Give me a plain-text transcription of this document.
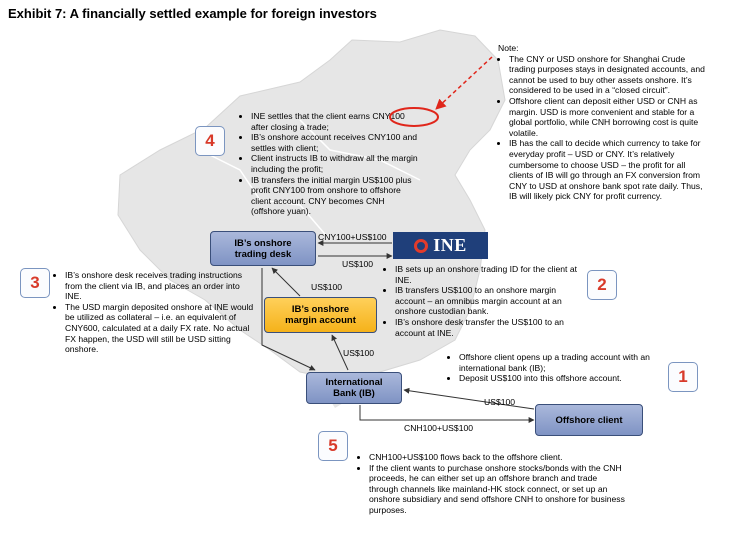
Exhibit 7: A financially settled example for foreign investors
Note:
• The CNY or USD onshore for Shanghai Crude trading purposes stays in designated accounts, and cannot be used to buy other assets onshore. It’s considered to be used in a “closed circuit”.
• Offshore client can deposit either USD or CNH as margin. USD is more convenient and stable for a global portfolio, while CNH borrowing cost is quite volatile.
• IB has the call to decide which currency to take for everyday profit – USD or CNY. It’s relatively cumbersome to choose USD – the profit for all clients of IB will go through an FX conversion from CNY to USD at onshore bank spot rate daily. Thus, IB will likely pick CNY for profit currency.
4
• INE settles that the client earns CNY100 after closing a trade;
• IB’s onshore account receives CNY100 and settles with client;
• Client instructs IB to withdraw all the margin including the profit;
• IB transfers the initial margin US$100 plus profit CNY100 from onshore to offshore client account. CNY becomes CNH (offshore yuan).
3
•	IB’s onshore desk receives trading instructions from the client via IB, and places an order into INE.
• The USD margin deposited onshore at INE would be utilized as collateral – i.e. an equivalent of CNY600, calculated at a daily FX rate. No actual FX happen, the USD will still be USD sitting onshore.
2
• IB sets up an onshore trading ID for the client at INE.
• IB transfers US$100 to an onshore margin account – an omnibus margin account at an onshore custodian bank.
• IB’s onshore desk transfer the US$100 to an account at INE.
1
• Offshore client opens up a trading account with an international bank (IB);
• Deposit US$100 into this offshore account.
5
• CNH100+US$100 flows back to the offshore client.
• If the client wants to purchase onshore stocks/bonds with the CNH proceeds, he can either set up an offshore branch and trade through channels like mainland-HK stock connect, or set up an onshore subsidiary and send offshore CNH to onshore for business purposes.
IB’s onshore trading desk
IB’s onshore margin account
International Bank (IB)
Offshore client
INE
CNY100+US$100
US$100
US$100
US$100
US$100
CNH100+US$100
